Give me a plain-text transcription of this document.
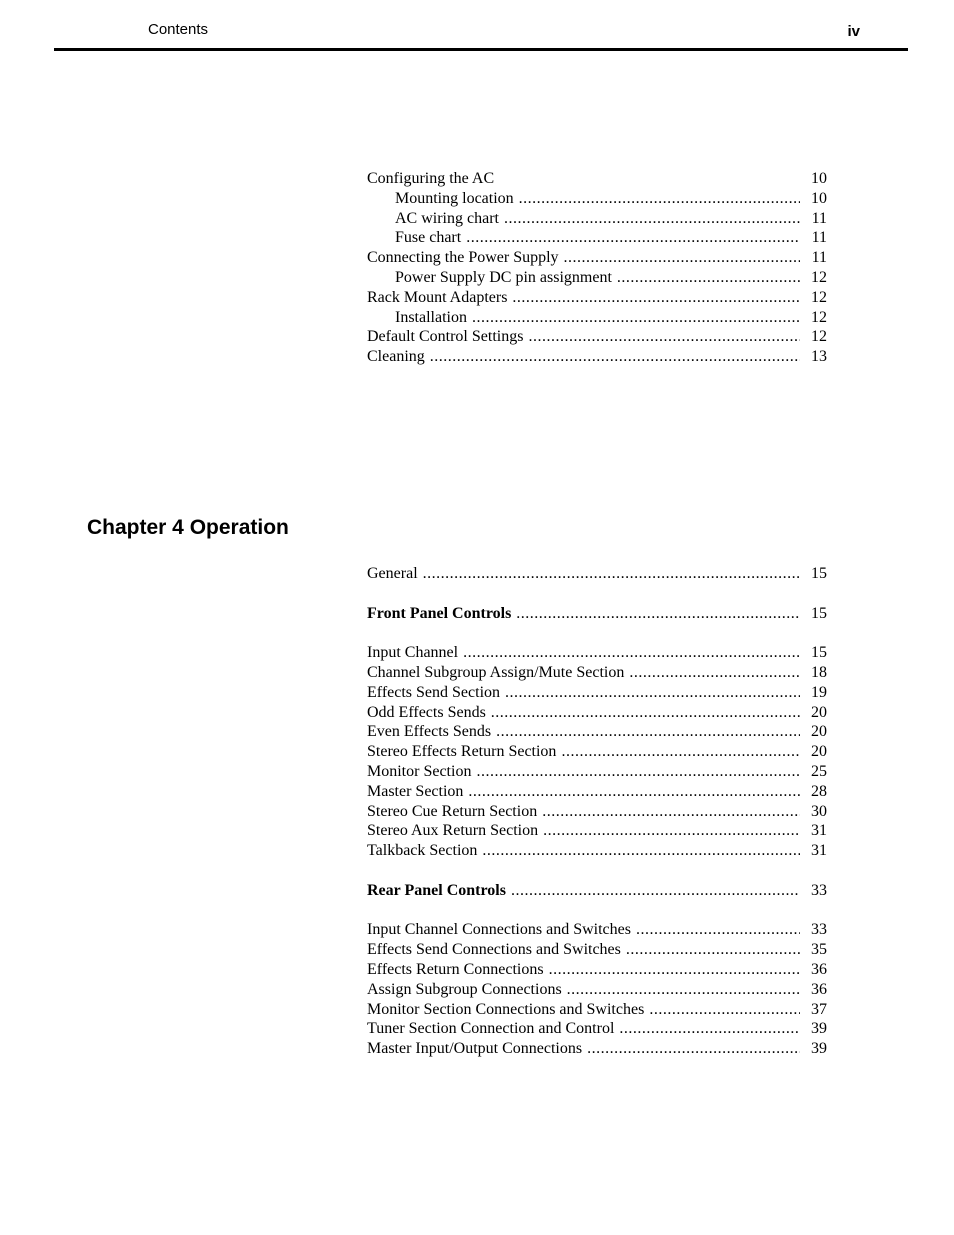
Contents	iv
Configuring the AC	10
Mounting location .....	10
AC wiring chart .....	11
Fuse chart .....	11
Connecting the Power Supply .....	11
Power Supply DC pin assignment .....	12
Rack Mount Adapters .....	12
Installation .....	12
Default Control Settings .....	12
Cleaning .....	13
Chapter 4 Operation
General .....	15
Front Panel Controls .....	15
Input Channel .....	15
Channel Subgroup Assign/Mute Section .....	18
Effects Send Section .....	19
Odd Effects Sends .....	20
Even Effects Sends .....	20
Stereo Effects Return Section .....	20
Monitor Section .....	25
Master Section .....	28
Stereo Cue Return Section .....	30
Stereo Aux Return Section .....	31
Talkback Section .....	31
Rear Panel Controls .....	33
Input Channel Connections and Switches .....	33
Effects Send Connections and Switches .....	35
Effects Return Connections .....	36
Assign Subgroup Connections .....	36
Monitor Section Connections and Switches .....	37
Tuner Section Connection and Control .....	39
Master Input/Output Connections .....	39
